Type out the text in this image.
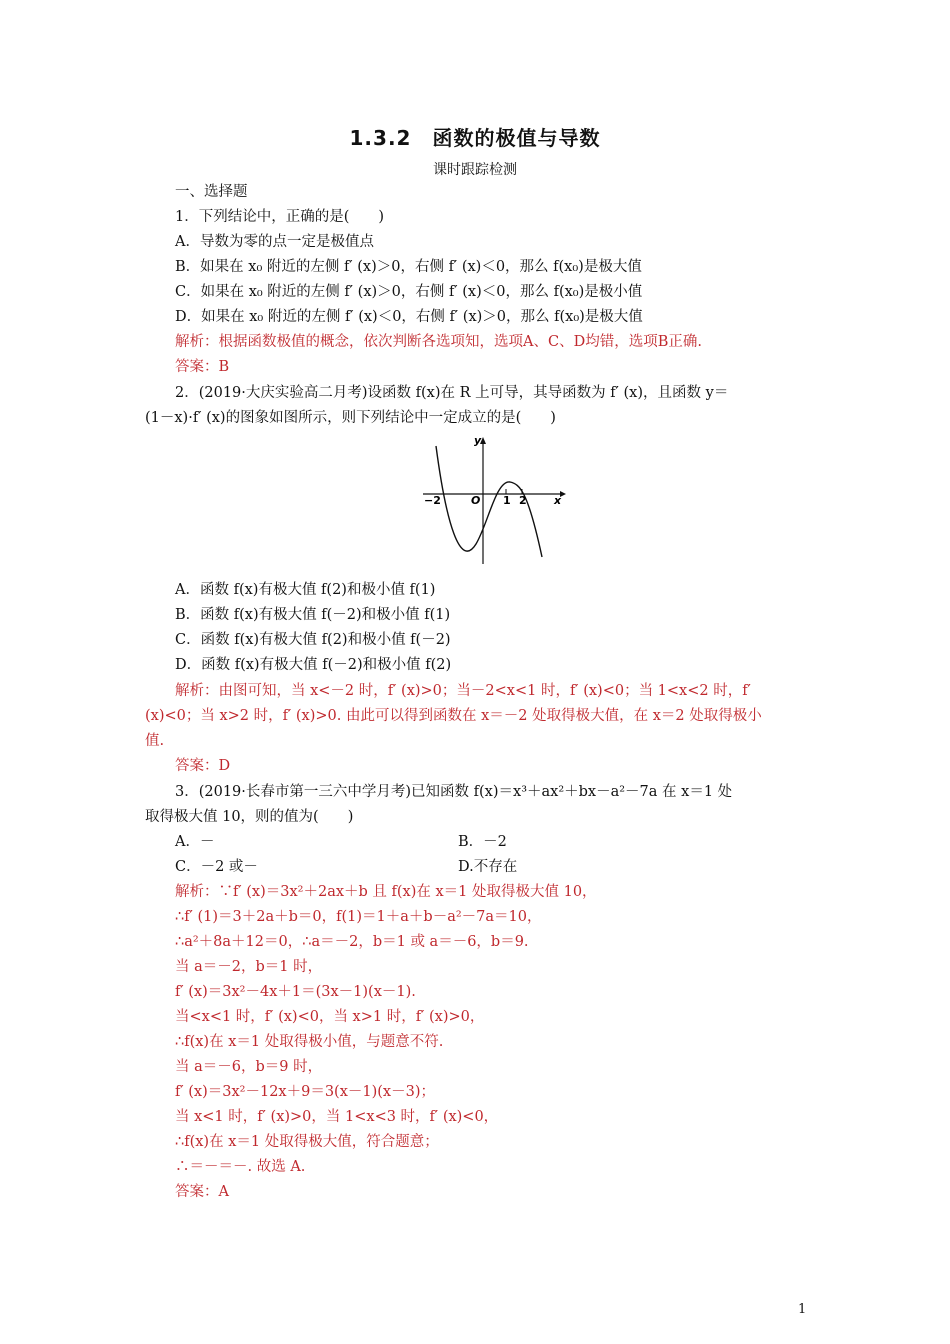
1.3.2　函数的极值与导数
课时跟踪检测
一、选择题
1．下列结论中，正确的是(　　)
A．导数为零的点一定是极值点
B．如果在 x₀ 附近的左侧 f′ (x)＞0，右侧 f′ (x)＜0，那么 f(x₀)是极大值
C．如果在 x₀ 附近的左侧 f′ (x)＞0，右侧 f′ (x)＜0，那么 f(x₀)是极小值
D．如果在 x₀ 附近的左侧 f′ (x)＜0，右侧 f′ (x)＞0，那么 f(x₀)是极大值
解析：根据函数极值的概念，依次判断各选项知，选项A、C、D均错，选项B正确.
答案：B
2．(2019·大庆实验高二月考)设函数 f(x)在 R 上可导，其导函数为 f′ (x)，且函数 y＝
(1－x)·f′ (x)的图象如图所示，则下列结论中一定成立的是(　　)
−2	O 1 2 x
y
A．函数 f(x)有极大值 f(2)和极小值 f(1)
B．函数 f(x)有极大值 f(－2)和极小值 f(1)
C．函数 f(x)有极大值 f(2)和极小值 f(－2)
D．函数 f(x)有极大值 f(－2)和极小值 f(2)
解析：由图可知，当 x<－2 时，f′ (x)>0；当－2<x<1 时，f′ (x)<0；当 1<x<2 时，f′
(x)<0；当 x>2 时，f′ (x)>0. 由此可以得到函数在 x＝－2 处取得极大值，在 x＝2 处取得极小
值.
答案：D
3．(2019·长春市第一三六中学月考)已知函数 f(x)＝x³＋ax²＋bx－a²－7a 在 x＝1 处
取得极大值 10，则的值为(　　)
A．－	B．－2
C．－2 或－	D.不存在
解析：∵f′ (x)＝3x²＋2ax＋b 且 f(x)在 x＝1 处取得极大值 10，
∴f′ (1)＝3＋2a＋b＝0，f(1)＝1＋a＋b－a²－7a＝10，
∴a²＋8a＋12＝0，∴a＝－2，b＝1 或 a＝－6，b＝9.
当 a＝－2，b＝1 时，
f′ (x)＝3x²－4x＋1＝(3x－1)(x－1).
当<x<1 时，f′ (x)<0，当 x>1 时，f′ (x)>0，
∴f(x)在 x＝1 处取得极小值，与题意不符.
当 a＝－6，b＝9 时，
f′ (x)＝3x²－12x＋9＝3(x－1)(x－3)；
当 x<1 时，f′ (x)>0，当 1<x<3 时，f′ (x)<0，
∴f(x)在 x＝1 处取得极大值，符合题意；
∴＝－＝－. 故选 A.
答案：A
1
